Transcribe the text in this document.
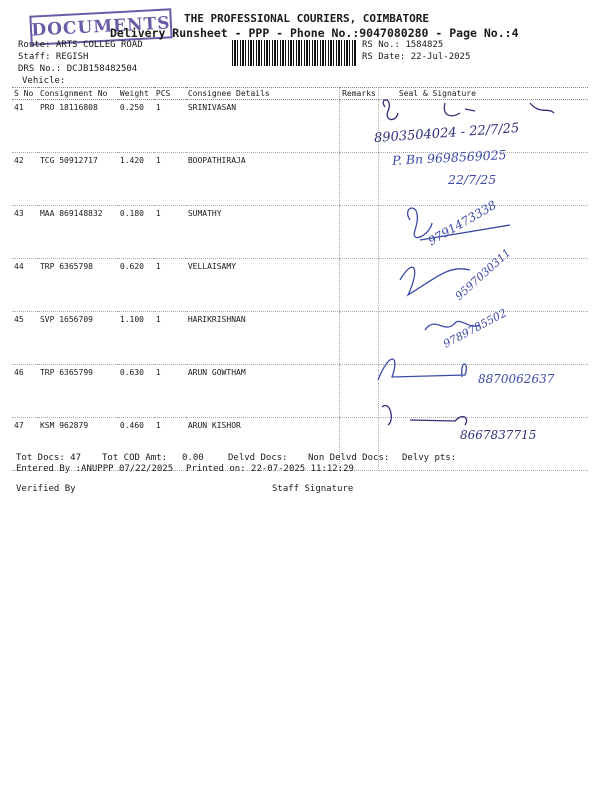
DOCUMENTS THE PROFESSIONAL COURIERS, COIMBATORE
Delivery Runsheet - PPP - Phone No.:9047080280 - Page No.:4
Route: ARTS COLLEG ROAD
Staff: REGISH
DRS No.: DCJB158482504
Vehicle:
RS No.: 1584825
RS Date: 22-Jul-2025
S No	Consignment No	Weight	PCS	Consignee Details	Remarks	Seal & Signature
41	PRO 18116808	0.250	1	SRINIVASAN		
42	TCG 50912717	1.420	1	BOOPATHIRAJA		
43	MAA 869148832	0.180	1	SUMATHY		
44	TRP 6365798	0.620	1	VELLAISAMY		
45	SVP 1656709	1.100	1	HARIKRISHNAN		
46	TRP 6365799	0.630	1	ARUN GOWTHAM		
47	KSM 962879	0.460	1	ARUN KISHOR		
8903504024 - 22/7/25
P. Bn 9698569025
22/7/25
9791473338
9597030311
9789785502
8870062637
8667837715
Tot Docs: 47 Tot COD Amt: 0.00	Delvd Docs: Non Delvd Docs: Delvy pts:
Entered By :ANUPPP 07/22/2025 Printed on: 22-07-2025 11:12:29
Verified By	Staff Signature
